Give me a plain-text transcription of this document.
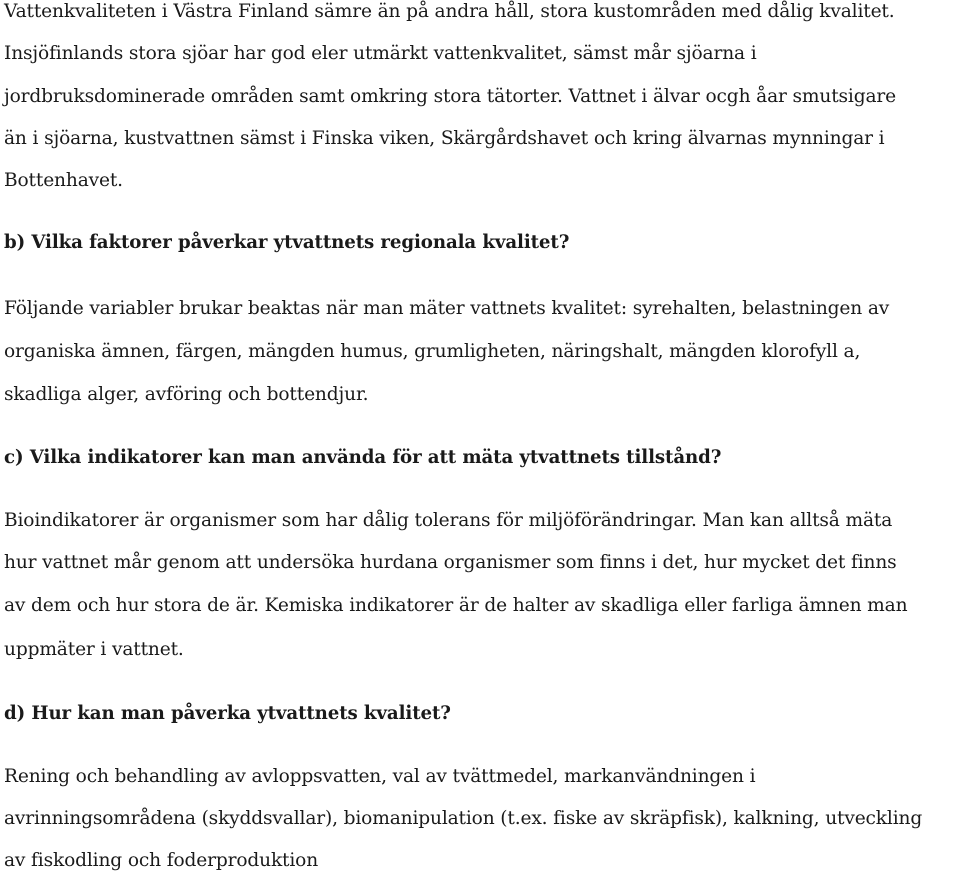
Vattenkvaliteten i Västra Finland sämre än på andra håll, stora kustområden med dålig kvalitet.
Insjöfinlands stora sjöar har god eler utmärkt vattenkvalitet, sämst mår sjöarna i
jordbruksdominerade områden samt omkring stora tätorter. Vattnet i älvar ocgh åar smutsigare
än i sjöarna, kustvattnen sämst i Finska viken, Skärgårdshavet och kring älvarnas mynningar i
Bottenhavet.
b) Vilka faktorer påverkar ytvattnets regionala kvalitet?
Följande variabler brukar beaktas när man mäter vattnets kvalitet: syrehalten, belastningen av
organiska ämnen, färgen, mängden humus, grumligheten, näringshalt, mängden klorofyll a,
skadliga alger, avföring och bottendjur.
c) Vilka indikatorer kan man använda för att mäta ytvattnets tillstånd?
Bioindikatorer är organismer som har dålig tolerans för miljöförändringar. Man kan alltså mäta
hur vattnet mår genom att undersöka hurdana organismer som finns i det, hur mycket det finns
av dem och hur stora de är. Kemiska indikatorer är de halter av skadliga eller farliga ämnen man
uppmäter i vattnet.
d) Hur kan man påverka ytvattnets kvalitet?
Rening och behandling av avloppsvatten, val av tvättmedel, markanvändningen i
avrinningsområdena (skyddsvallar), biomanipulation (t.ex. fiske av skräpfisk), kalkning, utveckling
av fiskodling och foderproduktion
